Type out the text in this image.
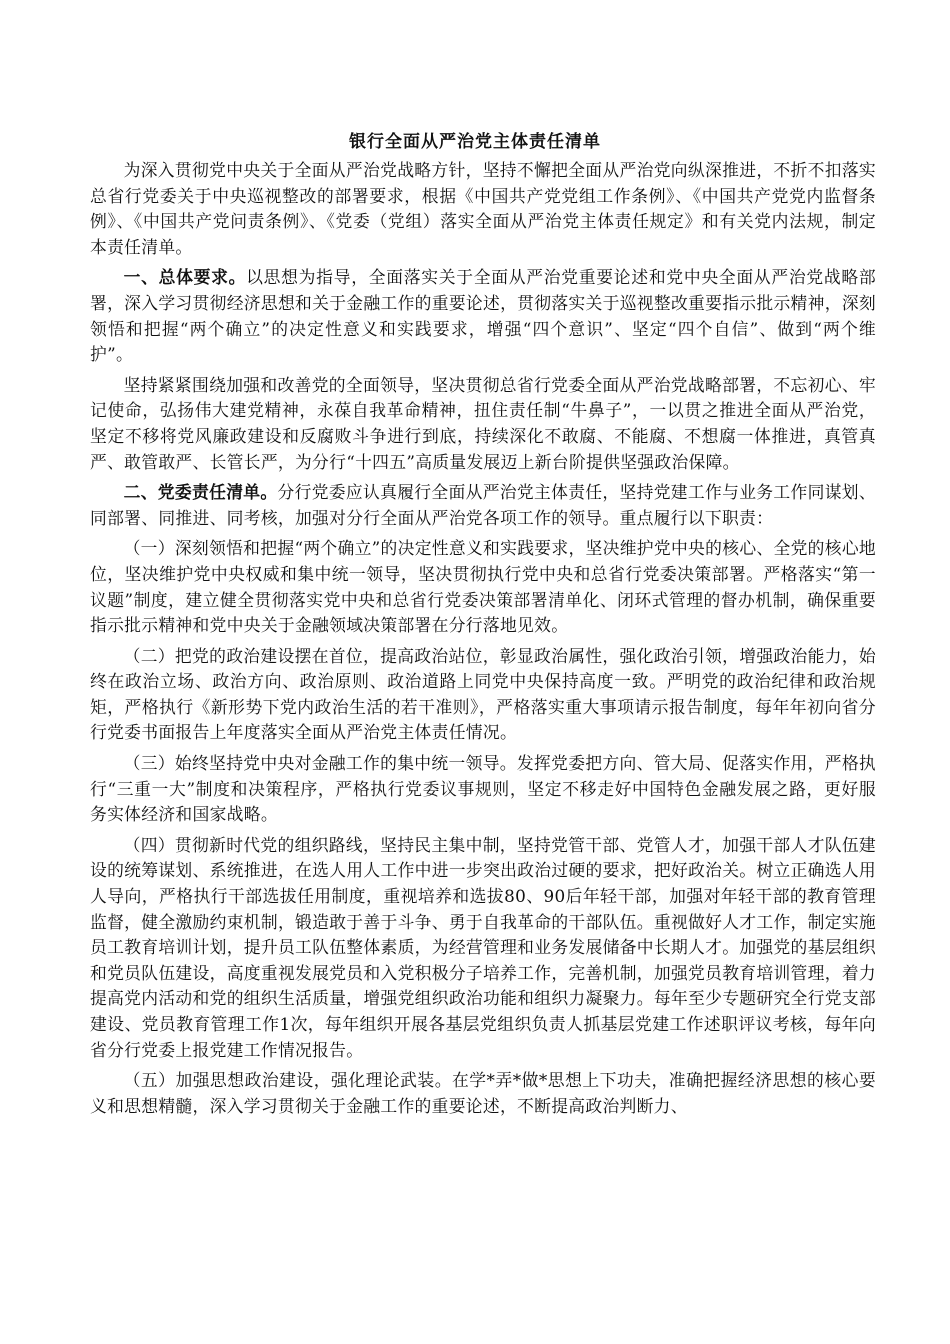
银行全面从严治党主体责任清单

为深入贯彻党中央关于全面从严治党战略方针，坚持不懈把全面从严治党向纵深推进，不折不扣落实总省行党委关于中央巡视整改的部署要求，根据《中国共产党党组工作条例》、《中国共产党党内监督条例》、《中国共产党问责条例》、《党委（党组）落实全面从严治党主体责任规定》和有关党内法规，制定本责任清单。

一、总体要求。以思想为指导，全面落实关于全面从严治党重要论述和党中央全面从严治党战略部署，深入学习贯彻经济思想和关于金融工作的重要论述，贯彻落实关于巡视整改重要指示批示精神，深刻领悟和把握“两个确立”的决定性意义和实践要求，增强“四个意识”、坚定“四个自信”、做到“两个维护”。

坚持紧紧围绕加强和改善党的全面领导，坚决贯彻总省行党委全面从严治党战略部署，不忘初心、牢记使命，弘扬伟大建党精神，永葆自我革命精神，扭住责任制“牛鼻子”，一以贯之推进全面从严治党，坚定不移将党风廉政建设和反腐败斗争进行到底，持续深化不敢腐、不能腐、不想腐一体推进，真管真严、敢管敢严、长管长严，为分行“十四五”高质量发展迈上新台阶提供坚强政治保障。

二、党委责任清单。分行党委应认真履行全面从严治党主体责任，坚持党建工作与业务工作同谋划、同部署、同推进、同考核，加强对分行全面从严治党各项工作的领导。重点履行以下职责：

（一）深刻领悟和把握“两个确立”的决定性意义和实践要求，坚决维护党中央的核心、全党的核心地位，坚决维护党中央权威和集中统一领导，坚决贯彻执行党中央和总省行党委决策部署。严格落实“第一议题”制度，建立健全贯彻落实党中央和总省行党委决策部署清单化、闭环式管理的督办机制，确保重要指示批示精神和党中央关于金融领域决策部署在分行落地见效。

（二）把党的政治建设摆在首位，提高政治站位，彰显政治属性，强化政治引领，增强政治能力，始终在政治立场、政治方向、政治原则、政治道路上同党中央保持高度一致。严明党的政治纪律和政治规矩，严格执行《新形势下党内政治生活的若干准则》，严格落实重大事项请示报告制度，每年年初向省分行党委书面报告上年度落实全面从严治党主体责任情况。

（三）始终坚持党中央对金融工作的集中统一领导。发挥党委把方向、管大局、促落实作用，严格执行“三重一大”制度和决策程序，严格执行党委议事规则，坚定不移走好中国特色金融发展之路，更好服务实体经济和国家战略。

（四）贯彻新时代党的组织路线，坚持民主集中制，坚持党管干部、党管人才，加强干部人才队伍建设的统筹谋划、系统推进，在选人用人工作中进一步突出政治过硬的要求，把好政治关。树立正确选人用人导向，严格执行干部选拔任用制度，重视培养和选拔80、90后年轻干部，加强对年轻干部的教育管理监督，健全激励约束机制，锻造敢于善于斗争、勇于自我革命的干部队伍。重视做好人才工作，制定实施员工教育培训计划，提升员工队伍整体素质，为经营管理和业务发展储备中长期人才。加强党的基层组织和党员队伍建设，高度重视发展党员和入党积极分子培养工作，完善机制，加强党员教育培训管理，着力提高党内活动和党的组织生活质量，增强党组织政治功能和组织力凝聚力。每年至少专题研究全行党支部建设、党员教育管理工作1次，每年组织开展各基层党组织负责人抓基层党建工作述职评议考核，每年向省分行党委上报党建工作情况报告。

（五）加强思想政治建设，强化理论武装。在学*弄*做*思想上下功夫，准确把握经济思想的核心要义和思想精髓，深入学习贯彻关于金融工作的重要论述，不断提高政治判断力、
